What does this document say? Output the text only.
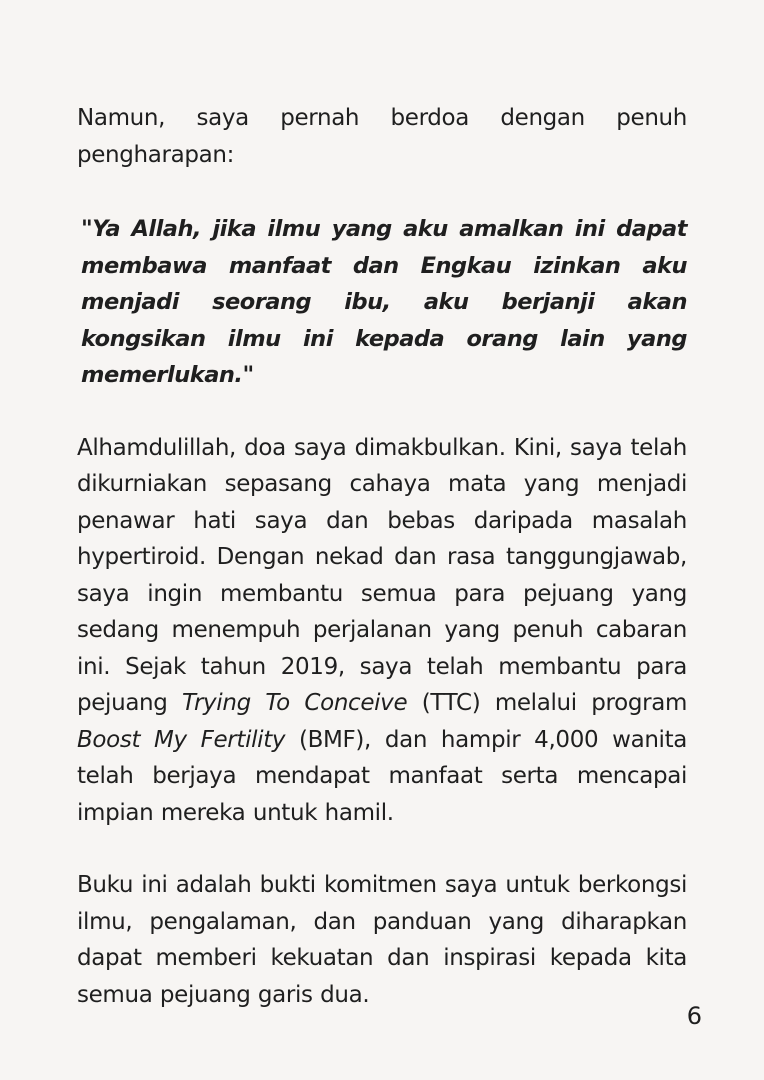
Namun, saya pernah berdoa dengan penuh pengharapan:

"Ya Allah, jika ilmu yang aku amalkan ini dapat membawa manfaat dan Engkau izinkan aku menjadi seorang ibu, aku berjanji akan kongsikan ilmu ini kepada orang lain yang memerlukan."

Alhamdulillah, doa saya dimakbulkan. Kini, saya telah dikurniakan sepasang cahaya mata yang menjadi penawar hati saya dan bebas daripada masalah hypertiroid. Dengan nekad dan rasa tanggungjawab, saya ingin membantu semua para pejuang yang sedang menempuh perjalanan yang penuh cabaran ini. Sejak tahun 2019, saya telah membantu para pejuang Trying To Conceive (TTC) melalui program Boost My Fertility (BMF), dan hampir 4,000 wanita telah berjaya mendapat manfaat serta mencapai impian mereka untuk hamil.

Buku ini adalah bukti komitmen saya untuk berkongsi ilmu, pengalaman, dan panduan yang diharapkan dapat memberi kekuatan dan inspirasi kepada kita semua pejuang garis dua.

6
